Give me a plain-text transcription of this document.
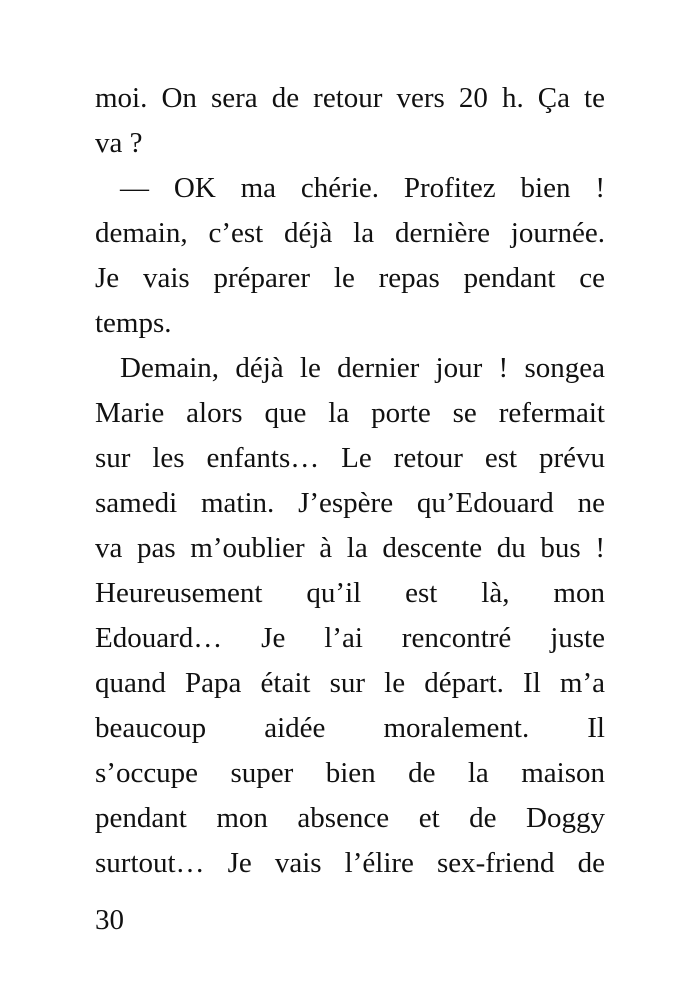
moi. On sera de retour vers 20 h. Ça te
va ?
— OK ma chérie. Profitez bien !
demain, c’est déjà la dernière journée.
Je vais préparer le repas pendant ce
temps.
Demain, déjà le dernier jour ! songea
Marie alors que la porte se refermait
sur les enfants… Le retour est prévu
samedi matin. J’espère qu’Edouard ne
va pas m’oublier à la descente du bus !
Heureusement qu’il est là, mon
Edouard… Je l’ai rencontré juste
quand Papa était sur le départ. Il m’a
beaucoup aidée moralement. Il
s’occupe super bien de la maison
pendant mon absence et de Doggy
surtout… Je vais l’élire sex-friend de
30
